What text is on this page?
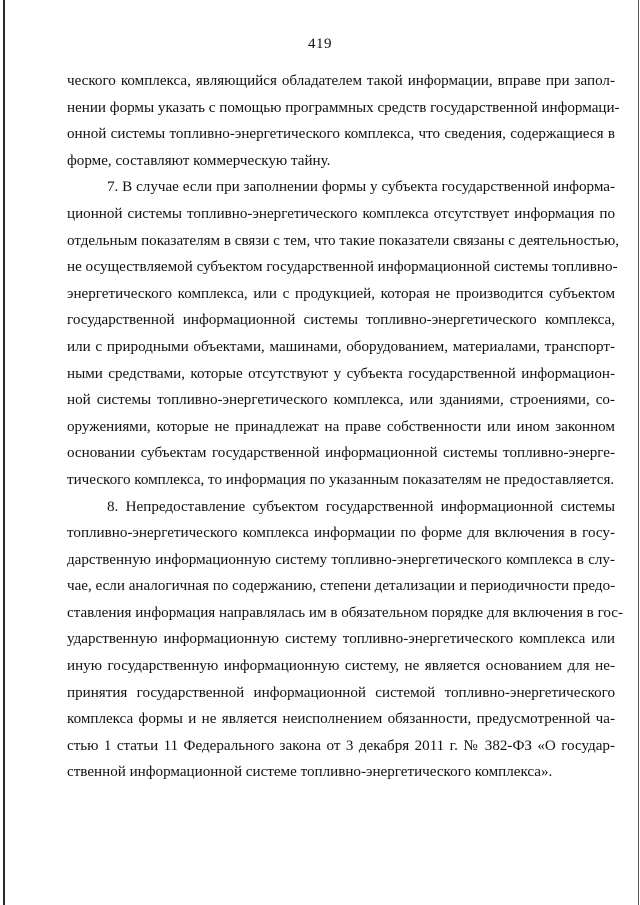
419
ческого комплекса, являющийся обладателем такой информации, вправе при запол-
нении формы указать с помощью программных средств государственной информаци-
онной системы топливно-энергетического комплекса, что сведения, содержащиеся в
форме, составляют коммерческую тайну.
7. В случае если при заполнении формы у субъекта государственной информа-
ционной системы топливно-энергетического комплекса отсутствует информация по
отдельным показателям в связи с тем, что такие показатели связаны с деятельностью,
не осуществляемой субъектом государственной информационной системы топливно-
энергетического комплекса, или с продукцией, которая не производится субъектом
государственной информационной системы топливно-энергетического комплекса,
или с природными объектами, машинами, оборудованием, материалами, транспорт-
ными средствами, которые отсутствуют у субъекта государственной информацион-
ной системы топливно-энергетического комплекса, или зданиями, строениями, со-
оружениями, которые не принадлежат на праве собственности или ином законном
основании субъектам государственной информационной системы топливно-энерге-
тического комплекса, то информация по указанным показателям не предоставляется.
8. Непредоставление субъектом государственной информационной системы
топливно-энергетического комплекса информации по форме для включения в госу-
дарственную информационную систему топливно-энергетического комплекса в слу-
чае, если аналогичная по содержанию, степени детализации и периодичности предо-
ставления информация направлялась им в обязательном порядке для включения в гос-
ударственную информационную систему топливно-энергетического комплекса или
иную государственную информационную систему, не является основанием для не-
принятия государственной информационной системой топливно-энергетического
комплекса формы и не является неисполнением обязанности, предусмотренной ча-
стью 1 статьи 11 Федерального закона от 3 декабря 2011 г. № 382-ФЗ «О государ-
ственной информационной системе топливно-энергетического комплекса».
